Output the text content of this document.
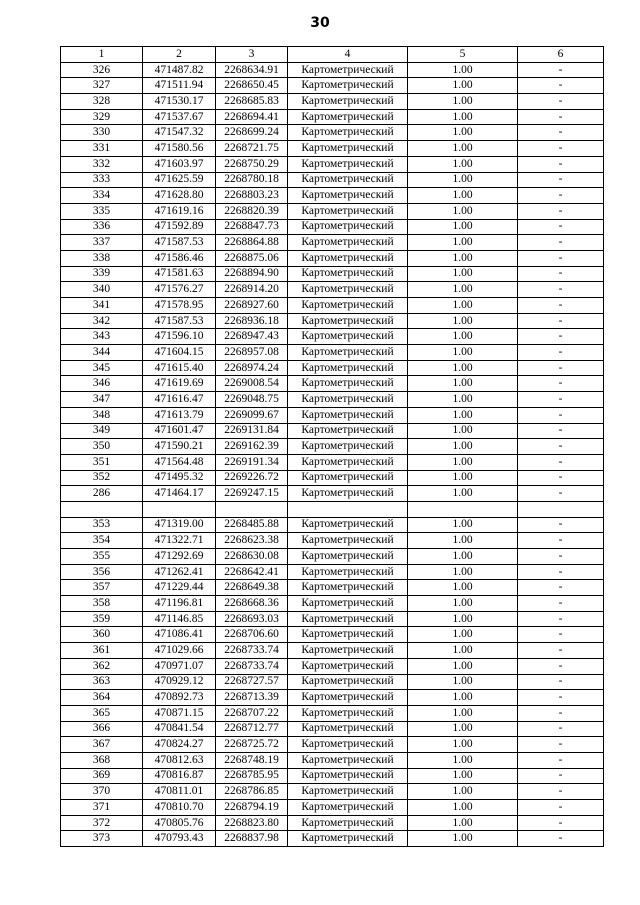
30
1	2	3	4	5	6
326	471487.82	2268634.91	Картометрический	1.00	-
327	471511.94	2268650.45	Картометрический	1.00	-
328	471530.17	2268685.83	Картометрический	1.00	-
329	471537.67	2268694.41	Картометрический	1.00	-
330	471547.32	2268699.24	Картометрический	1.00	-
331	471580.56	2268721.75	Картометрический	1.00	-
332	471603.97	2268750.29	Картометрический	1.00	-
333	471625.59	2268780.18	Картометрический	1.00	-
334	471628.80	2268803.23	Картометрический	1.00	-
335	471619.16	2268820.39	Картометрический	1.00	-
336	471592.89	2268847.73	Картометрический	1.00	-
337	471587.53	2268864.88	Картометрический	1.00	-
338	471586.46	2268875.06	Картометрический	1.00	-
339	471581.63	2268894.90	Картометрический	1.00	-
340	471576.27	2268914.20	Картометрический	1.00	-
341	471578.95	2268927.60	Картометрический	1.00	-
342	471587.53	2268936.18	Картометрический	1.00	-
343	471596.10	2268947.43	Картометрический	1.00	-
344	471604.15	2268957.08	Картометрический	1.00	-
345	471615.40	2268974.24	Картометрический	1.00	-
346	471619.69	2269008.54	Картометрический	1.00	-
347	471616.47	2269048.75	Картометрический	1.00	-
348	471613.79	2269099.67	Картометрический	1.00	-
349	471601.47	2269131.84	Картометрический	1.00	-
350	471590.21	2269162.39	Картометрический	1.00	-
351	471564.48	2269191.34	Картометрический	1.00	-
352	471495.32	2269226.72	Картометрический	1.00	-
286	471464.17	2269247.15	Картометрический	1.00	-

353	471319.00	2268485.88	Картометрический	1.00	-
354	471322.71	2268623.38	Картометрический	1.00	-
355	471292.69	2268630.08	Картометрический	1.00	-
356	471262.41	2268642.41	Картометрический	1.00	-
357	471229.44	2268649.38	Картометрический	1.00	-
358	471196.81	2268668.36	Картометрический	1.00	-
359	471146.85	2268693.03	Картометрический	1.00	-
360	471086.41	2268706.60	Картометрический	1.00	-
361	471029.66	2268733.74	Картометрический	1.00	-
362	470971.07	2268733.74	Картометрический	1.00	-
363	470929.12	2268727.57	Картометрический	1.00	-
364	470892.73	2268713.39	Картометрический	1.00	-
365	470871.15	2268707.22	Картометрический	1.00	-
366	470841.54	2268712.77	Картометрический	1.00	-
367	470824.27	2268725.72	Картометрический	1.00	-
368	470812.63	2268748.19	Картометрический	1.00	-
369	470816.87	2268785.95	Картометрический	1.00	-
370	470811.01	2268786.85	Картометрический	1.00	-
371	470810.70	2268794.19	Картометрический	1.00	-
372	470805.76	2268823.80	Картометрический	1.00	-
373	470793.43	2268837.98	Картометрический	1.00	-
